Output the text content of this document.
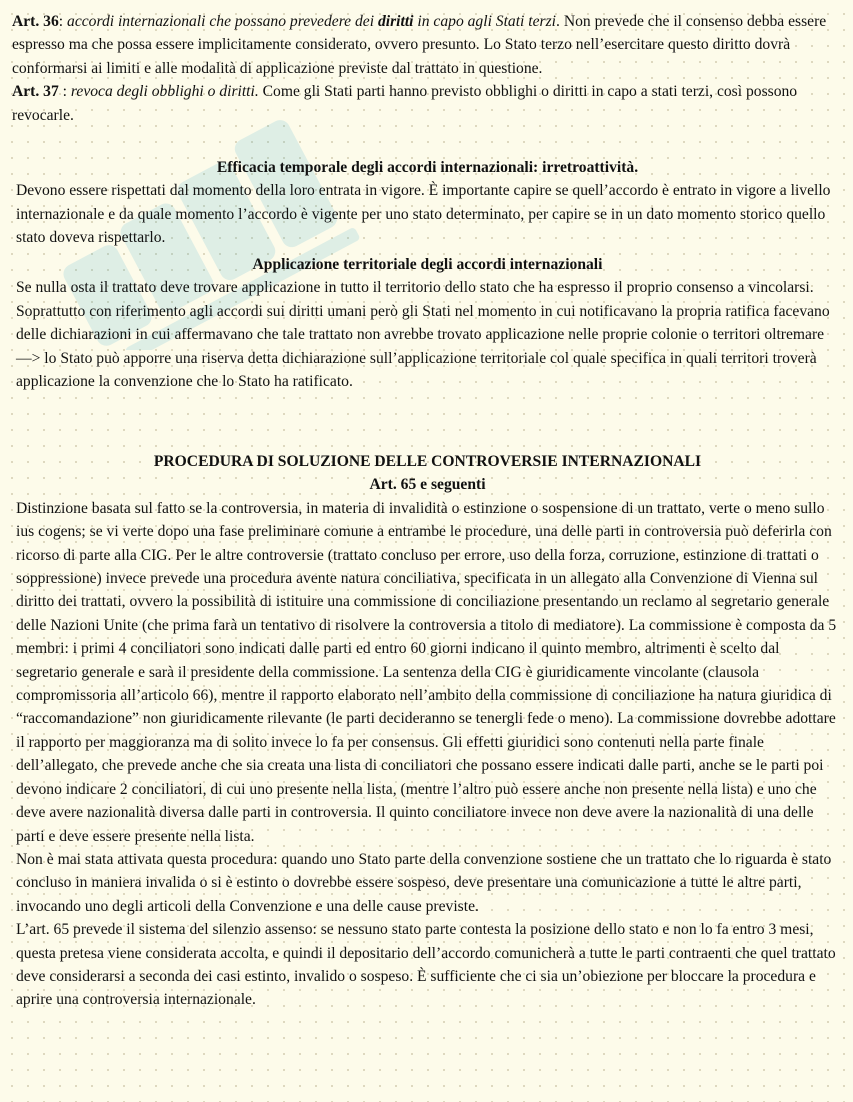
Art. 36: accordi internazionali che possano prevedere dei diritti in capo agli Stati terzi. Non prevede che il consenso debba essere espresso ma che possa essere implicitamente considerato, ovvero presunto. Lo Stato terzo nell’esercitare questo diritto dovrà conformarsi ai limiti e alle modalità di applicazione previste dal trattato in questione.

Art. 37 : revoca degli obblighi o diritti. Come gli Stati parti hanno previsto obblighi o diritti in capo a stati terzi, così possono revocarle.

Efficacia temporale degli accordi internazionali: irretroattività.

Devono essere rispettati dal momento della loro entrata in vigore. È importante capire se quell’accordo è entrato in vigore a livello internazionale e da quale momento l’accordo è vigente per uno stato determinato, per capire se in un dato momento storico quello stato doveva rispettarlo.

Applicazione territoriale degli accordi internazionali

Se nulla osta il trattato deve trovare applicazione in tutto il territorio dello stato che ha espresso il proprio consenso a vincolarsi. Soprattutto con riferimento agli accordi sui diritti umani però gli Stati nel momento in cui notificavano la propria ratifica facevano delle dichiarazioni in cui affermavano che tale trattato non avrebbe trovato applicazione nelle proprie colonie o territori oltremare —> lo Stato può apporre una riserva detta dichiarazione sull’applicazione territoriale col quale specifica in quali territori troverà applicazione la convenzione che lo Stato ha ratificato.

PROCEDURA DI SOLUZIONE DELLE CONTROVERSIE INTERNAZIONALI
Art. 65 e seguenti

Distinzione basata sul fatto se la controversia, in materia di invalidità o estinzione o sospensione di un trattato, verte o meno sullo ius cogens; se vi verte dopo una fase preliminare comune a entrambe le procedure, una delle parti in controversia può deferirla con ricorso di parte alla CIG. Per le altre controversie (trattato concluso per errore, uso della forza, corruzione, estinzione di trattati o soppressione) invece prevede una procedura avente natura conciliativa, specificata in un allegato alla Convenzione di Vienna sul diritto dei trattati, ovvero la possibilità di istituire una commissione di conciliazione presentando un reclamo al segretario generale delle Nazioni Unite (che prima farà un tentativo di risolvere la controversia a titolo di mediatore). La commissione è composta da 5 membri: i primi 4 conciliatori sono indicati dalle parti ed entro 60 giorni indicano il quinto membro, altrimenti è scelto dal segretario generale e sarà il presidente della commissione. La sentenza della CIG è giuridicamente vincolante (clausola compromissoria all’articolo 66), mentre il rapporto elaborato nell’ambito della commissione di conciliazione ha natura giuridica di “raccomandazione” non giuridicamente rilevante (le parti decideranno se tenergli fede o meno). La commissione dovrebbe adottare il rapporto per maggioranza ma di solito invece lo fa per consensus. Gli effetti giuridici sono contenuti nella parte finale dell’allegato, che prevede anche che sia creata una lista di conciliatori che possano essere indicati dalle parti, anche se le parti poi devono indicare 2 conciliatori, di cui uno presente nella lista, (mentre l’altro può essere anche non presente nella lista) e uno che deve avere nazionalità diversa dalle parti in controversia. Il quinto conciliatore invece non deve avere la nazionalità di una delle parti e deve essere presente nella lista.

Non è mai stata attivata questa procedura: quando uno Stato parte della convenzione sostiene che un trattato che lo riguarda è stato concluso in maniera invalida o si è estinto o dovrebbe essere sospeso, deve presentare una comunicazione a tutte le altre parti, invocando uno degli articoli della Convenzione e una delle cause previste.

L’art. 65 prevede il sistema del silenzio assenso: se nessuno stato parte contesta la posizione dello stato e non lo fa entro 3 mesi, questa pretesa viene considerata accolta, e quindi il depositario dell’accordo comunicherà a tutte le parti contraenti che quel trattato deve considerarsi a seconda dei casi estinto, invalido o sospeso. È sufficiente che ci sia un’obiezione per bloccare la procedura e aprire una controversia internazionale.
